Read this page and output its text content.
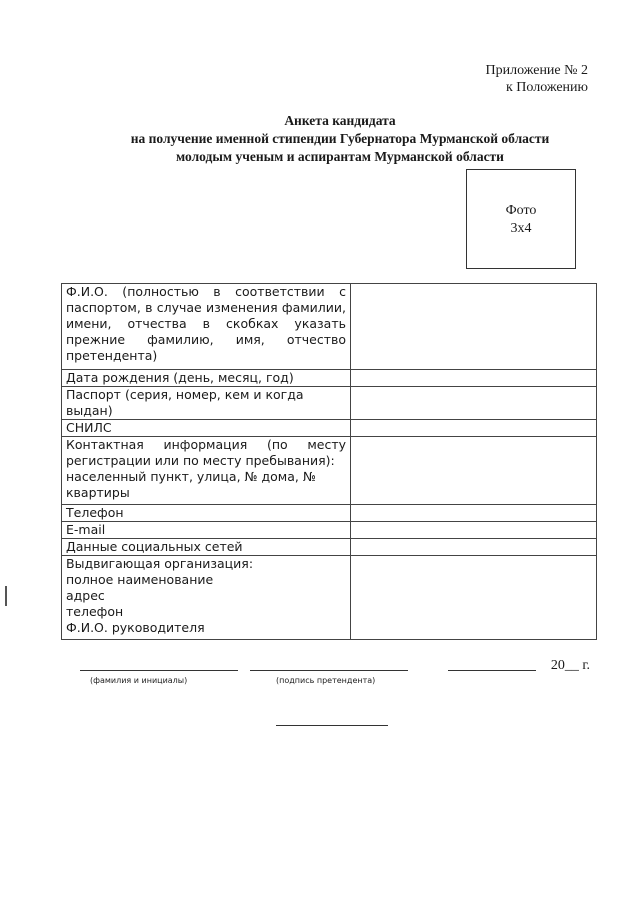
Приложение № 2
к Положению
Анкета кандидата
на получение именной стипендии Губернатора Мурманской области
молодым ученым и аспирантам Мурманской области
Фото
3x4
Ф.И.О. (полностью в соответствии с паспортом, в случае изменения фамилии, имени, отчества в скобках указать прежние фамилию, имя, отчество претендента)	
Дата рождения (день, месяц, год)	
Паспорт (серия, номер, кем и когда выдан)	
СНИЛС	

Контактная информация (по месту регистрации или по месту пребывания):
населенный пункт, улица, № дома, № квартиры	

Телефон	
E-mail	
Данные социальных сетей	

Выдвигающая организация:
полное наименование
адрес
телефон
Ф.И.О. руководителя	

(фамилия и инициалы)	(подпись претендента)
20__ г.
